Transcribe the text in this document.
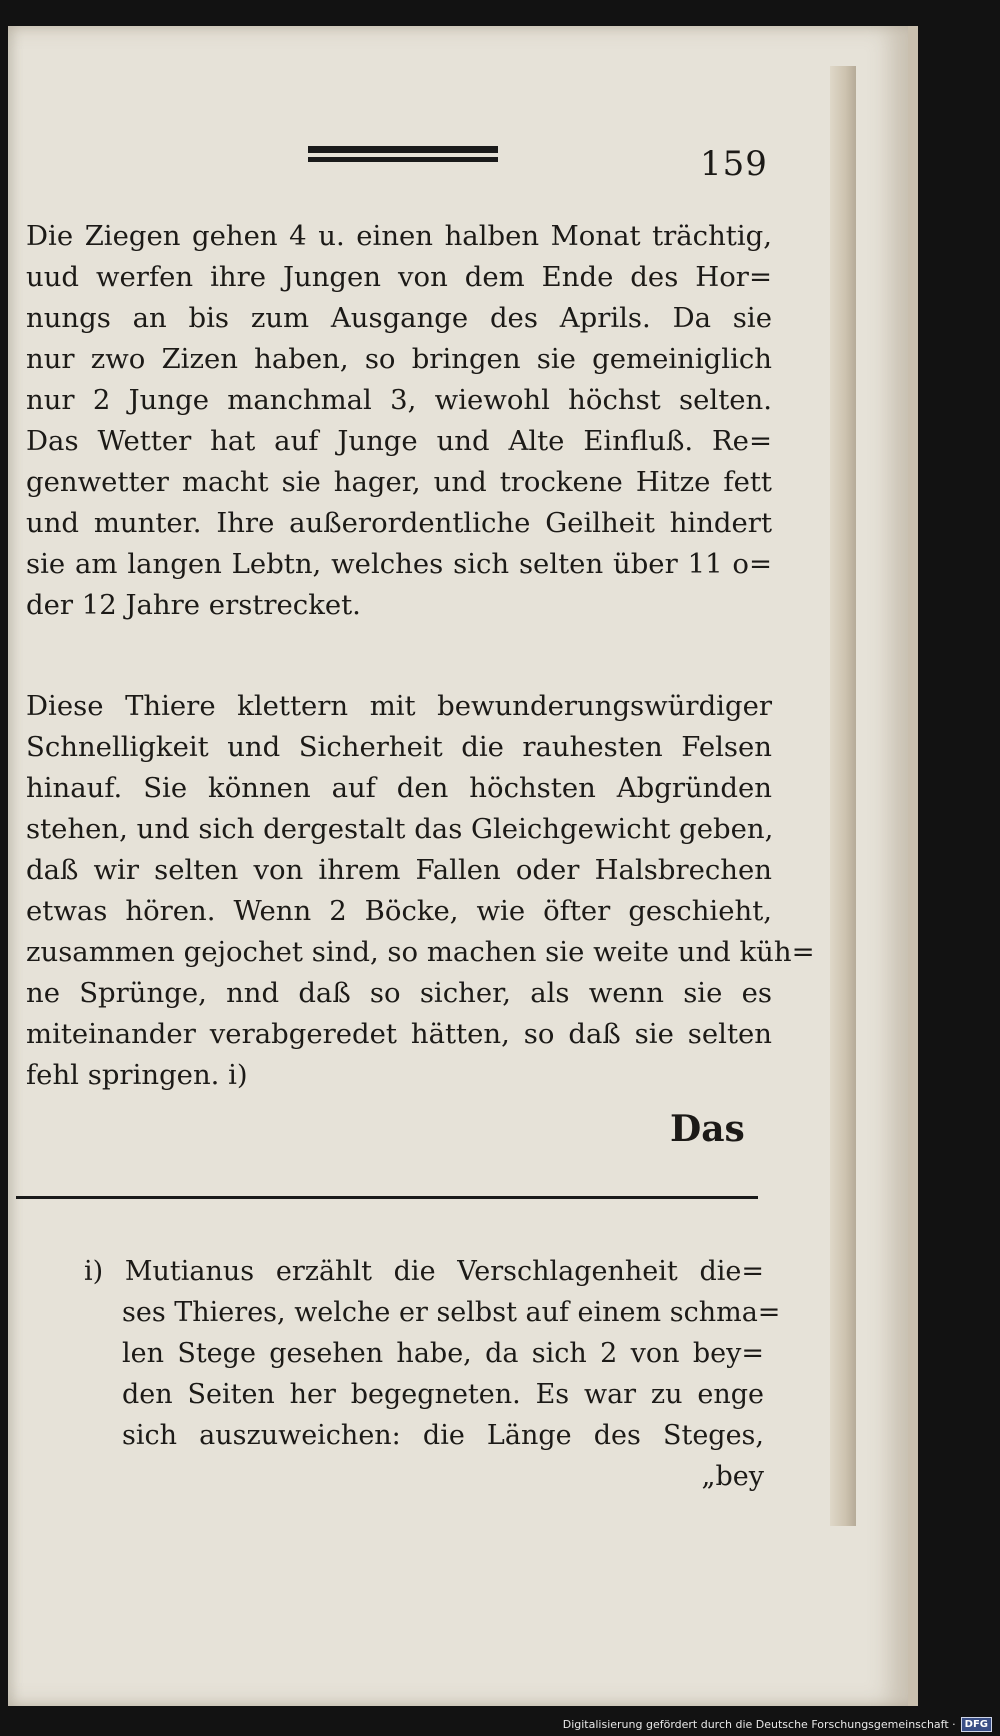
159
Die Ziegen gehen 4 u. einen halben Monat trächtig,
uud werfen ihre Jungen von dem Ende des Hor=
nungs an bis zum Ausgange des Aprils. Da sie
nur zwo Zizen haben, so bringen sie gemeiniglich
nur 2 Junge manchmal 3, wiewohl höchst selten.
Das Wetter hat auf Junge und Alte Einfluß. Re=
genwetter macht sie hager, und trockene Hitze fett
und munter. Ihre außerordentliche Geilheit hindert
sie am langen Lebtn, welches sich selten über 11 o=
der 12 Jahre erstrecket.
Diese Thiere klettern mit bewunderungswürdiger
Schnelligkeit und Sicherheit die rauhesten Felsen
hinauf. Sie können auf den höchsten Abgründen
stehen, und sich dergestalt das Gleichgewicht geben,
daß wir selten von ihrem Fallen oder Halsbrechen
etwas hören. Wenn 2 Böcke, wie öfter geschieht,
zusammen gejochet sind, so machen sie weite und küh=
ne Sprünge, nnd daß so sicher, als wenn sie es
miteinander verabgeredet hätten, so daß sie selten
fehl springen. i)
Das
i) Mutianus erzählt die Verschlagenheit die=
ses Thieres, welche er selbst auf einem schma=
len Stege gesehen habe, da sich 2 von bey=
den Seiten her begegneten. Es war zu enge
sich auszuweichen: die Länge des Steges,
„bey
Digitalisierung gefördert durch die Deutsche Forschungsgemeinschaft · DFG
